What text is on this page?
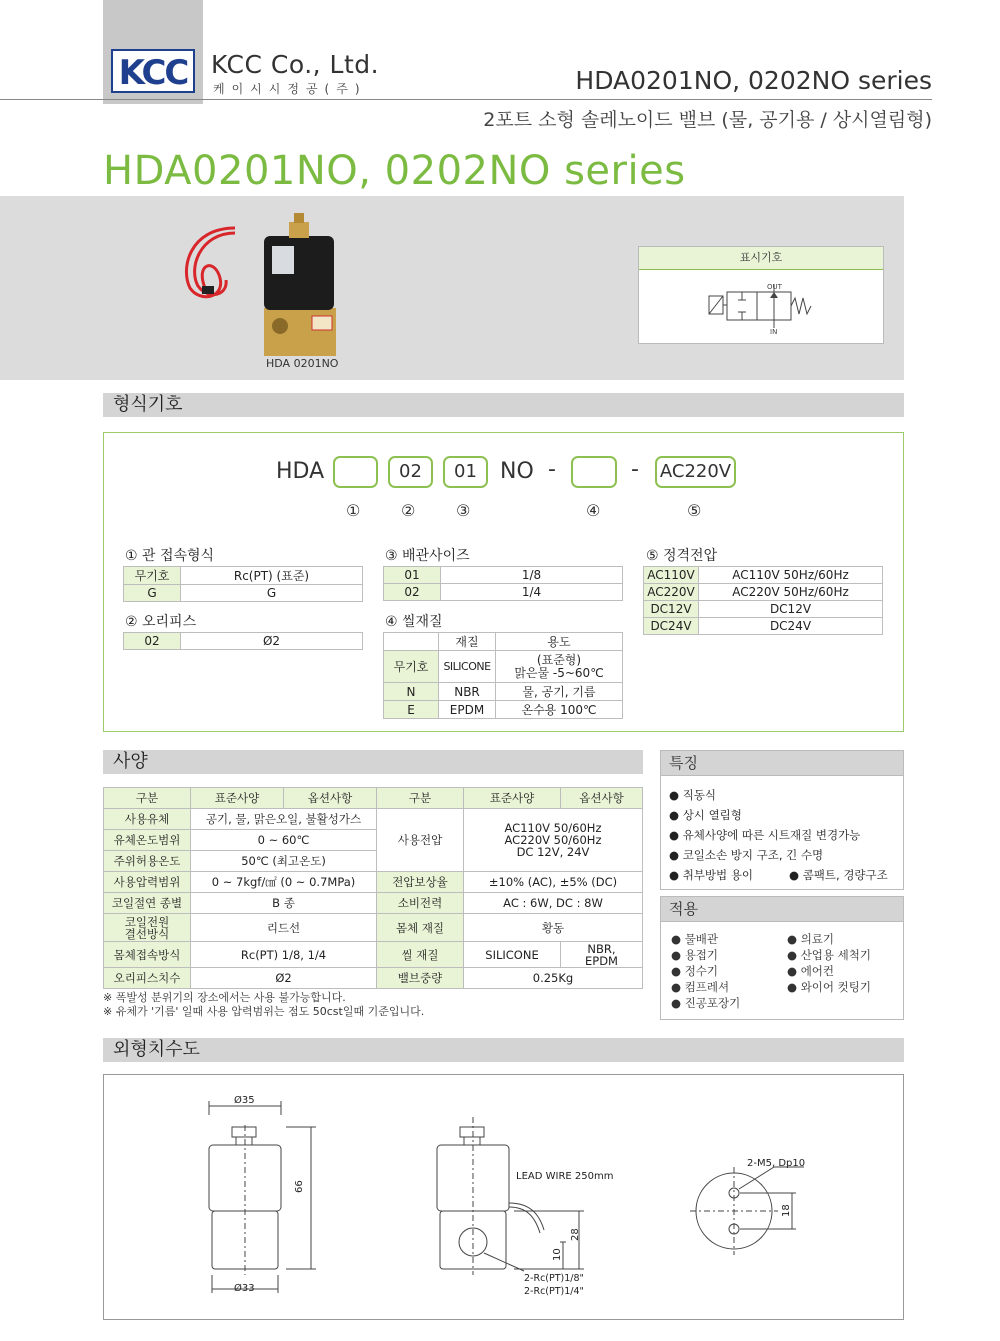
KCC KCC Co., Ltd.
케이시시정공(주)	HDA0201NO, 0202NO series
2포트 소형 솔레노이드 밸브 (물, 공기용 / 상시열림형)
HDA0201NO, 0202NO series
HDA 0201NO
표시기호
OUT
IN
형식기호
HDA	02	01	NO -	- AC220V
①	②	③	④	⑤
① 관 접속형식
무기호	Rc(PT) (표준)
G	G
② 오리피스
02	Ø2
③ 배관사이즈
01	1/8
02	1/4
④ 씰재질
	재질	용도
무기호	SILICONE	(표준형)
맑은물 -5~60℃

N	NBR	물, 공기, 기름
E	EPDM	온수용 100℃
⑤ 정격전압
AC110V	AC110V 50Hz/60Hz
AC220V	AC220V 50Hz/60Hz
DC12V	DC12V
DC24V	DC24V
사양
구분	표준사양	옵션사항	구분	표준사양	옵션사항
사용유체	공기, 물, 맑은오일, 불활성가스		사용전압	AC110V 50/60Hz
AC220V 50/60Hz
DC 12V, 24V	

유체온도범위	0 ~ 60℃				
주위허용온도	50℃ (최고온도)				
사용압력범위	0 ~ 7kgf/㎠ (0 ~ 0.7MPa)		전압보상율	±10% (AC), ±5% (DC)	
코일절연 종별	B 종		소비전력	AC : 6W, DC : 8W	

코일전원
결선방식	리드선		몸체 재질	황동	
몸체접속방식	Rc(PT) 1/8, 1/4		씰 재질	SILICONE	NBR,
EPDM

오리피스치수	Ø2		밸브중량	0.25Kg	
※ 폭발성 분위기의 장소에서는 사용 불가능합니다.
※ 유체가 '기름' 일때 사용 압력범위는 점도 50cst일때 기준입니다.
특징
● 직동식
● 상시 열림형
● 유체사양에 따른 시트재질 변경가능
● 코일소손 방지 구조, 긴 수명
● 취부방법 용이	● 콤팩트, 경량구조
적용
● 물배관
● 용접기
● 정수기
● 컴프레셔
● 진공포장기
● 의료기
● 산업용 세척기
● 에어컨
● 와이어 컷팅기
외형치수도
Ø35
66
Ø33
LEAD WIRE 250mm
28
10
2-Rc(PT)1/8"
2-Rc(PT)1/4"
2-M5, Dp10
18
